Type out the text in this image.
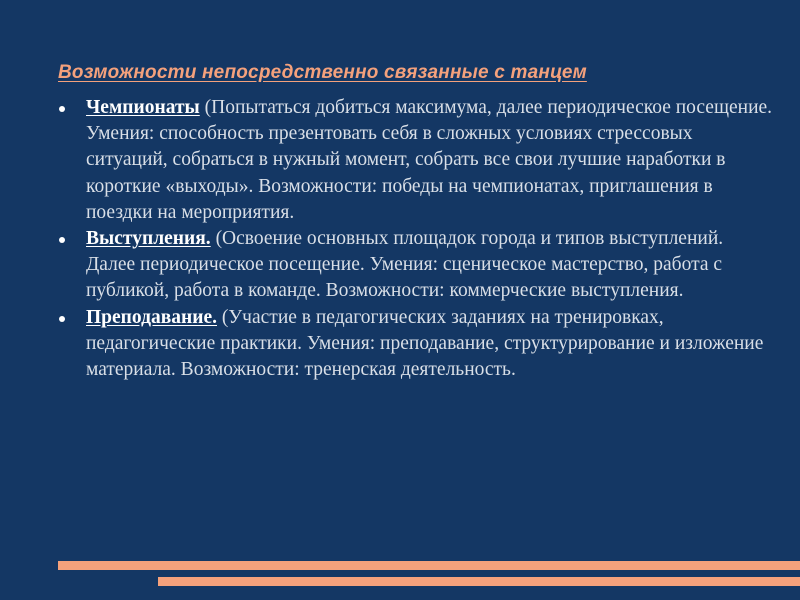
Возможности непосредственно связанные с танцем
Чемпионаты (Попытаться добиться максимума, далее периодическое посещение. Умения: способность презентовать себя в сложных условиях стрессовых ситуаций, собраться в нужный момент, собрать все свои лучшие наработки в короткие «выходы». Возможности: победы на чемпионатах, приглашения в поездки на мероприятия.
Выступления. (Освоение основных площадок города и типов выступлений. Далее периодическое посещение. Умения: сценическое мастерство, работа с публикой, работа в команде. Возможности: коммерческие выступления.
Преподавание. (Участие в педагогических заданиях на тренировках, педагогические практики. Умения: преподавание, структурирование и изложение материала. Возможности: тренерская деятельность.
